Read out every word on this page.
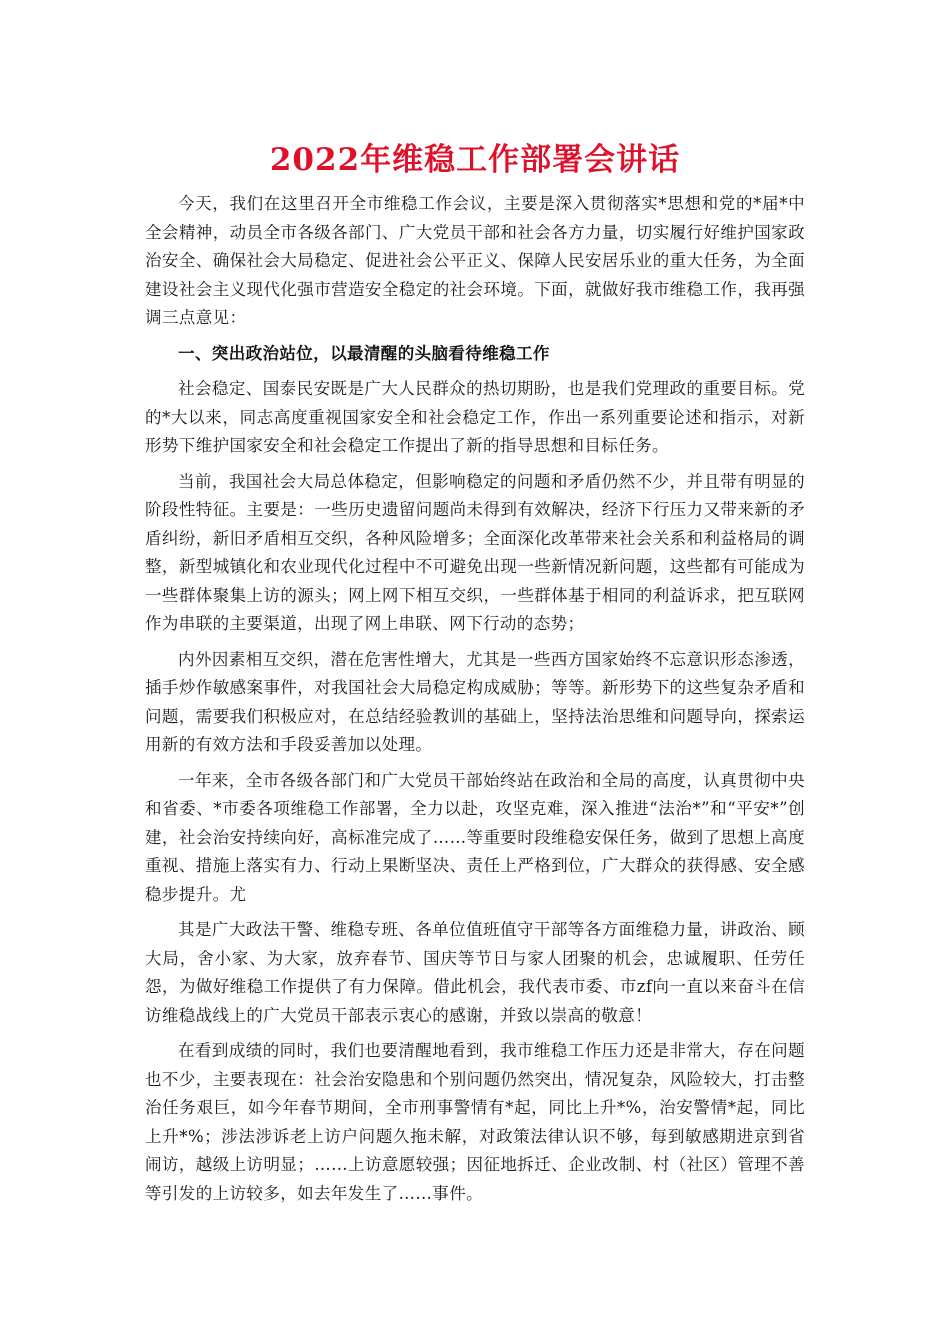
2022年维稳工作部署会讲话

今天，我们在这里召开全市维稳工作会议，主要是深入贯彻落实*思想和党的*届*中全会精神，动员全市各级各部门、广大党员干部和社会各方力量，切实履行好维护国家政治安全、确保社会大局稳定、促进社会公平正义、保障人民安居乐业的重大任务，为全面建设社会主义现代化强市营造安全稳定的社会环境。下面，就做好我市维稳工作，我再强调三点意见：

一、突出政治站位，以最清醒的头脑看待维稳工作

社会稳定、国泰民安既是广大人民群众的热切期盼，也是我们党理政的重要目标。党的*大以来，同志高度重视国家安全和社会稳定工作，作出一系列重要论述和指示，对新形势下维护国家安全和社会稳定工作提出了新的指导思想和目标任务。

当前，我国社会大局总体稳定，但影响稳定的问题和矛盾仍然不少，并且带有明显的阶段性特征。主要是：一些历史遗留问题尚未得到有效解决，经济下行压力又带来新的矛盾纠纷，新旧矛盾相互交织，各种风险增多；全面深化改革带来社会关系和利益格局的调整，新型城镇化和农业现代化过程中不可避免出现一些新情况新问题，这些都有可能成为一些群体聚集上访的源头；网上网下相互交织，一些群体基于相同的利益诉求，把互联网作为串联的主要渠道，出现了网上串联、网下行动的态势；

内外因素相互交织，潜在危害性增大，尤其是一些西方国家始终不忘意识形态渗透，插手炒作敏感案事件，对我国社会大局稳定构成威胁；等等。新形势下的这些复杂矛盾和问题，需要我们积极应对，在总结经验教训的基础上，坚持法治思维和问题导向，探索运用新的有效方法和手段妥善加以处理。

一年来，全市各级各部门和广大党员干部始终站在政治和全局的高度，认真贯彻中央和省委、*市委各项维稳工作部署，全力以赴，攻坚克难，深入推进“法治*”和“平安*”创建，社会治安持续向好，高标准完成了……等重要时段维稳安保任务，做到了思想上高度重视、措施上落实有力、行动上果断坚决、责任上严格到位，广大群众的获得感、安全感稳步提升。尤

其是广大政法干警、维稳专班、各单位值班值守干部等各方面维稳力量，讲政治、顾大局，舍小家、为大家，放弃春节、国庆等节日与家人团聚的机会，忠诚履职、任劳任怨，为做好维稳工作提供了有力保障。借此机会，我代表市委、市zf向一直以来奋斗在信访维稳战线上的广大党员干部表示衷心的感谢，并致以崇高的敬意！

在看到成绩的同时，我们也要清醒地看到，我市维稳工作压力还是非常大，存在问题也不少，主要表现在：社会治安隐患和个别问题仍然突出，情况复杂，风险较大，打击整治任务艰巨，如今年春节期间，全市刑事警情有*起，同比上升*%，治安警情*起，同比上升*%；涉法涉诉老上访户问题久拖未解，对政策法律认识不够，每到敏感期进京到省闹访，越级上访明显；……上访意愿较强；因征地拆迁、企业改制、村（社区）管理不善等引发的上访较多，如去年发生了……事件。
